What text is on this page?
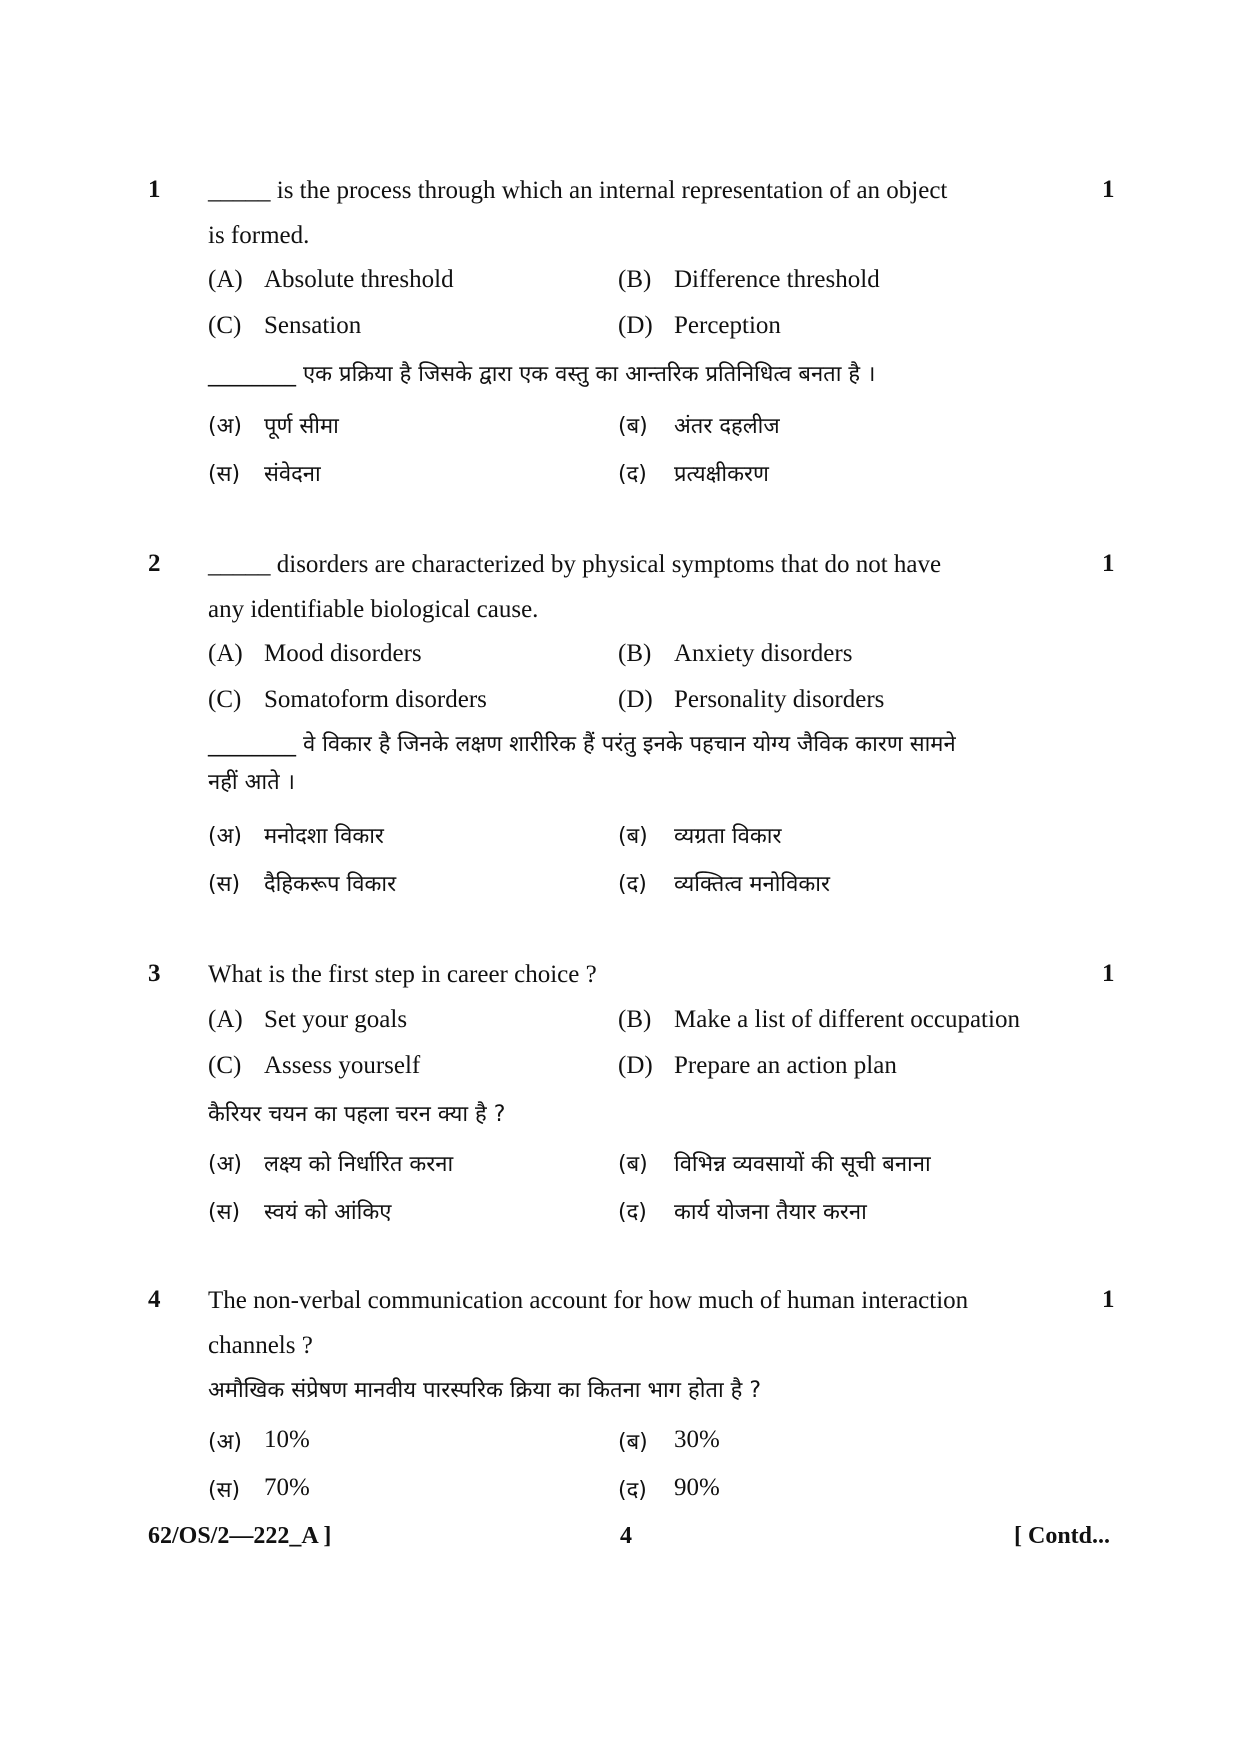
1	1
_____ is the process through which an internal representation of an object
is formed.
(A) Absolute threshold	(B) Difference threshold
(C) Sensation	(D) Perception
________ एक प्रक्रिया है जिसके द्वारा एक वस्तु का आन्तरिक प्रतिनिधित्व बनता है ।
(अ) पूर्ण सीमा	(ब) अंतर दहलीज
(स) संवेदना	(द) प्रत्यक्षीकरण
2	1
_____ disorders are characterized by physical symptoms that do not have
any identifiable biological cause.
(A) Mood disorders	(B) Anxiety disorders
(C) Somatoform disorders	(D) Personality disorders
________ वे विकार है जिनके लक्षण शारीरिक हैं परंतु इनके पहचान योग्य जैविक कारण सामने
नहीं आते ।
(अ) मनोदशा विकार	(ब) व्यग्रता विकार
(स) दैहिकरूप विकार	(द) व्यक्तित्व मनोविकार
3	1
What is the first step in career choice ?
(A) Set your goals	(B) Make a list of different occupation
(C) Assess yourself	(D) Prepare an action plan
कैरियर चयन का पहला चरन क्या है ?
(अ) लक्ष्य को निर्धारित करना	(ब) विभिन्न व्यवसायों की सूची बनाना
(स) स्वयं को आंकिए	(द) कार्य योजना तैयार करना
4	1
The non-verbal communication account for how much of human interaction
channels ?
अमौखिक संप्रेषण मानवीय पारस्परिक क्रिया का कितना भाग होता है ?
(अ) 10%	(ब) 30%
(स) 70%	(द) 90%
62/OS/2—222_A ]	4	[ Contd...
